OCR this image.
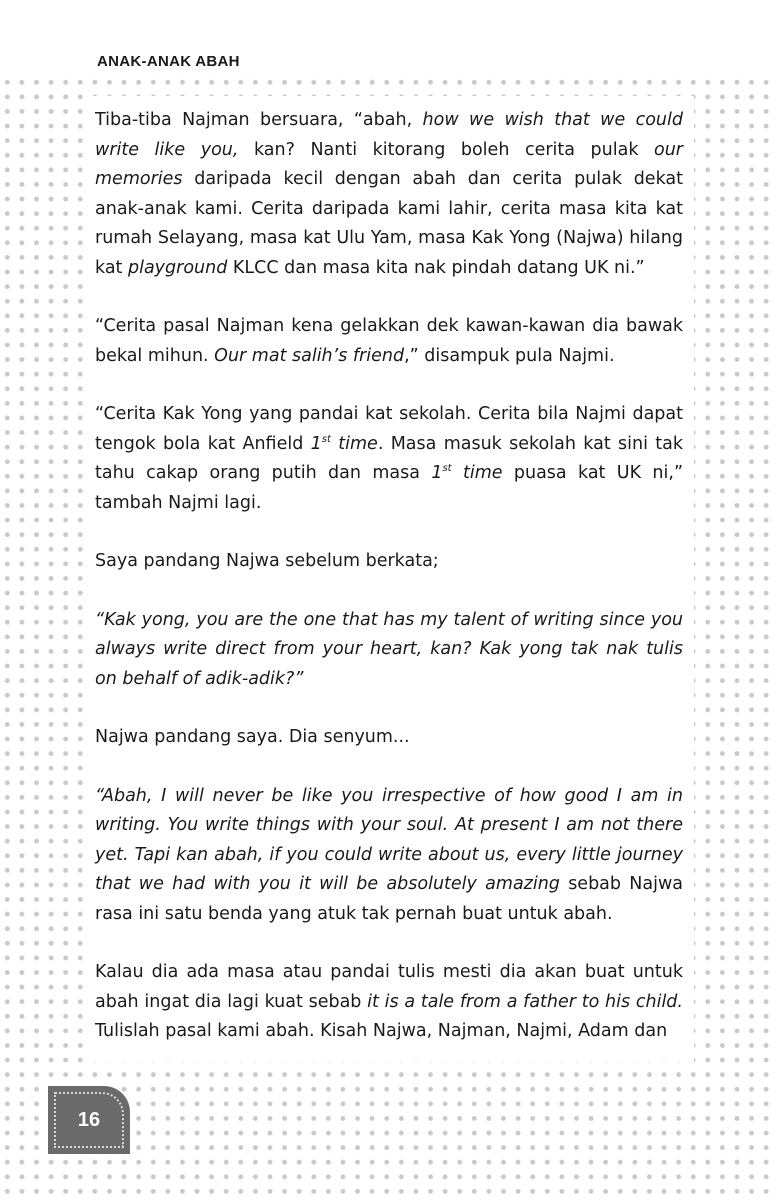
ANAK-ANAK ABAH

Tiba-tiba Najman bersuara, “abah, how we wish that we could write like you, kan? Nanti kitorang boleh cerita pulak our memories daripada kecil dengan abah dan cerita pulak dekat anak-anak kami. Cerita daripada kami lahir, cerita masa kita kat rumah Selayang, masa kat Ulu Yam, masa Kak Yong (Najwa) hilang kat playground KLCC dan masa kita nak pindah datang UK ni.”

“Cerita pasal Najman kena gelakkan dek kawan-kawan dia bawak bekal mihun. Our mat salih’s friend,” disampuk pula Najmi.

“Cerita Kak Yong yang pandai kat sekolah. Cerita bila Najmi dapat tengok bola kat Anfield 1st time. Masa masuk sekolah kat sini tak tahu cakap orang putih dan masa 1st time puasa kat UK ni,” tambah Najmi lagi.

Saya pandang Najwa sebelum berkata;

“Kak yong, you are the one that has my talent of writing since you always write direct from your heart, kan? Kak yong tak nak tulis on behalf of adik-adik?”

Najwa pandang saya. Dia senyum...

“Abah, I will never be like you irrespective of how good I am in writing. You write things with your soul. At present I am not there yet. Tapi kan abah, if you could write about us, every little journey that we had with you it will be absolutely amazing sebab Najwa rasa ini satu benda yang atuk tak pernah buat untuk abah.

Kalau dia ada masa atau pandai tulis mesti dia akan buat untuk abah ingat dia lagi kuat sebab it is a tale from a father to his child. Tulislah pasal kami abah. Kisah Najwa, Najman, Najmi, Adam dan

16
